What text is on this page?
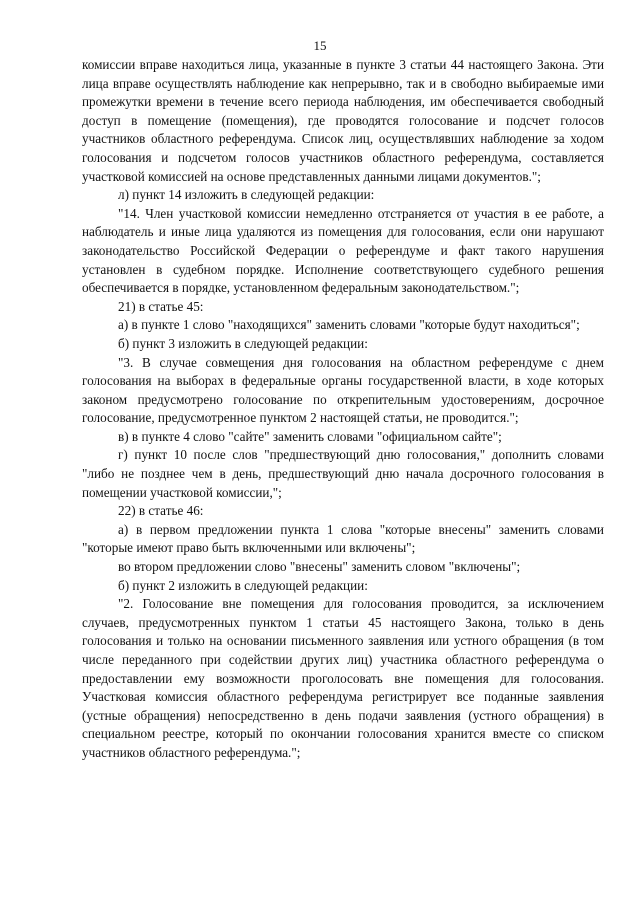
15

комиссии вправе находиться лица, указанные в пункте 3 статьи 44 настоящего Закона. Эти лица вправе осуществлять наблюдение как непрерывно, так и в свободно выбираемые ими промежутки времени в течение всего периода наблюдения, им обеспечивается свободный доступ в помещение (помещения), где проводятся голосование и подсчет голосов участников областного референдума. Список лиц, осуществлявших наблюдение за ходом голосования и подсчетом голосов участников областного референдума, составляется участковой комиссией на основе представленных данными лицами документов.";

л) пункт 14 изложить в следующей редакции:

"14. Член участковой комиссии немедленно отстраняется от участия в ее работе, а наблюдатель и иные лица удаляются из помещения для голосования, если они нарушают законодательство Российской Федерации о референдуме и факт такого нарушения установлен в судебном порядке. Исполнение соответствующего судебного решения обеспечивается в порядке, установленном федеральным законодательством.";

21) в статье 45:

а) в пункте 1 слово "находящихся" заменить словами "которые будут находиться";

б) пункт 3 изложить в следующей редакции:

"3. В случае совмещения дня голосования на областном референдуме с днем голосования на выборах в федеральные органы государственной власти, в ходе которых законом предусмотрено голосование по открепительным удостоверениям, досрочное голосование, предусмотренное пунктом 2 настоящей статьи, не проводится.";

в) в пункте 4 слово "сайте" заменить словами "официальном сайте";

г) пункт 10 после слов "предшествующий дню голосования," дополнить словами "либо не позднее чем в день, предшествующий дню начала досрочного голосования в помещении участковой комиссии,";

22) в статье 46:

а) в первом предложении пункта 1 слова "которые внесены" заменить словами "которые имеют право быть включенными или включены";

во втором предложении слово "внесены" заменить словом "включены";

б) пункт 2 изложить в следующей редакции:

"2. Голосование вне помещения для голосования проводится, за исключением случаев, предусмотренных пунктом 1 статьи 45 настоящего Закона, только в день голосования и только на основании письменного заявления или устного обращения (в том числе переданного при содействии других лиц) участника областного референдума о предоставлении ему возможности проголосовать вне помещения для голосования. Участковая комиссия областного референдума регистрирует все поданные заявления (устные обращения) непосредственно в день подачи заявления (устного обращения) в специальном реестре, который по окончании голосования хранится вместе со списком участников областного референдума.";
